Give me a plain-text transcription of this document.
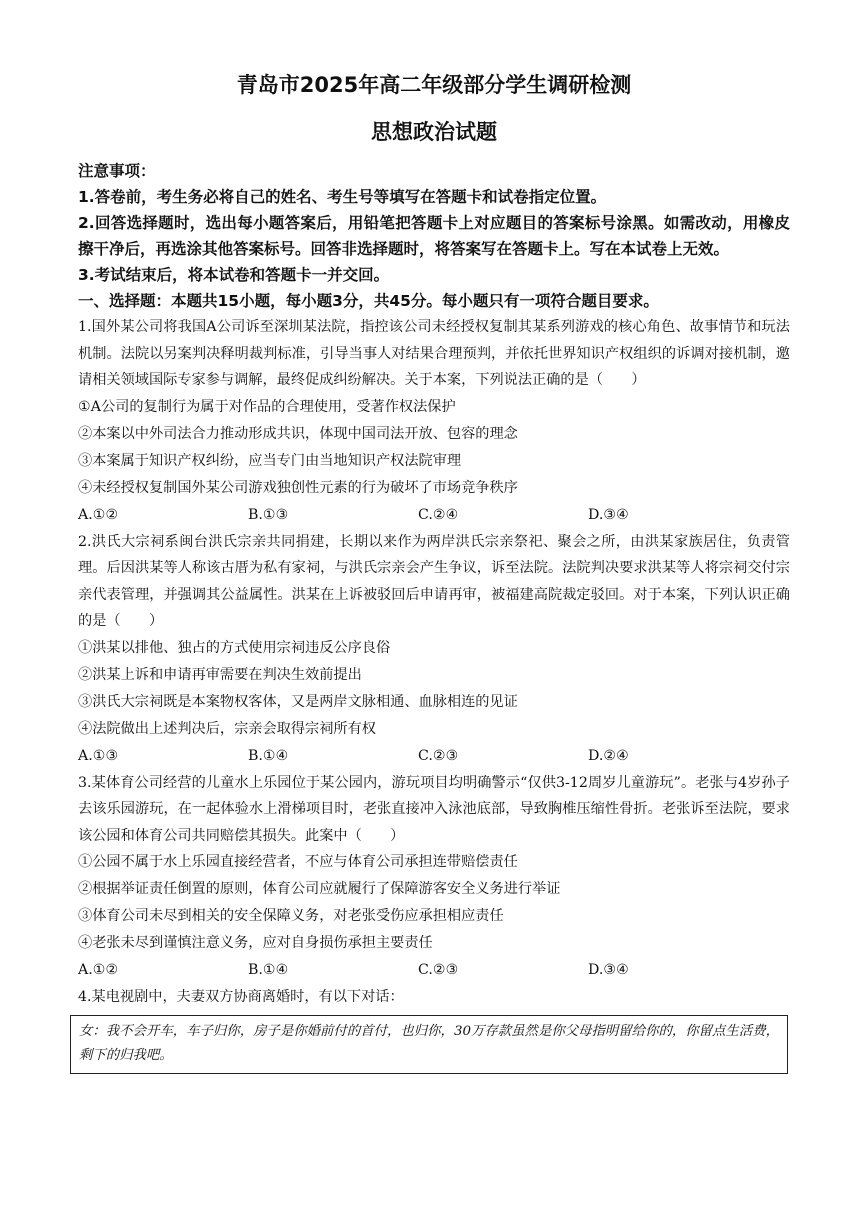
青岛市2025年高二年级部分学生调研检测
思想政治试题

注意事项：

1.答卷前，考生务必将自己的姓名、考生号等填写在答题卡和试卷指定位置。

2.回答选择题时，选出每小题答案后，用铅笔把答题卡上对应题目的答案标号涂黑。如需改动，用橡皮擦干净后，再选涂其他答案标号。回答非选择题时，将答案写在答题卡上。写在本试卷上无效。

3.考试结束后，将本试卷和答题卡一并交回。

一、选择题：本题共15小题，每小题3分，共45分。每小题只有一项符合题目要求。

1.国外某公司将我国A公司诉至深圳某法院，指控该公司未经授权复制其某系列游戏的核心角色、故事情节和玩法机制。法院以另案判决释明裁判标准，引导当事人对结果合理预判，并依托世界知识产权组织的诉调对接机制，邀请相关领域国际专家参与调解，最终促成纠纷解决。关于本案，下列说法正确的是（　　）

①A公司的复制行为属于对作品的合理使用，受著作权法保护

②本案以中外司法合力推动形成共识，体现中国司法开放、包容的理念

③本案属于知识产权纠纷，应当专门由当地知识产权法院审理

④未经授权复制国外某公司游戏独创性元素的行为破坏了市场竞争秩序

A.①②	B.①③	C.②④	D.③④

2.洪氏大宗祠系闽台洪氏宗亲共同捐建，长期以来作为两岸洪氏宗亲祭祀、聚会之所，由洪某家族居住，负责管理。后因洪某等人称该古厝为私有家祠，与洪氏宗亲会产生争议，诉至法院。法院判决要求洪某等人将宗祠交付宗亲代表管理，并强调其公益属性。洪某在上诉被驳回后申请再审，被福建高院裁定驳回。对于本案，下列认识正确的是（　　）

①洪某以排他、独占的方式使用宗祠违反公序良俗

②洪某上诉和申请再审需要在判决生效前提出

③洪氏大宗祠既是本案物权客体，又是两岸文脉相通、血脉相连的见证

④法院做出上述判决后，宗亲会取得宗祠所有权

A.①③	B.①④	C.②③	D.②④

3.某体育公司经营的儿童水上乐园位于某公园内，游玩项目均明确警示“仅供3-12周岁儿童游玩”。老张与4岁孙子去该乐园游玩，在一起体验水上滑梯项目时，老张直接冲入泳池底部，导致胸椎压缩性骨折。老张诉至法院，要求该公园和体育公司共同赔偿其损失。此案中（　　）

①公园不属于水上乐园直接经营者，不应与体育公司承担连带赔偿责任

②根据举证责任倒置的原则，体育公司应就履行了保障游客安全义务进行举证

③体育公司未尽到相关的安全保障义务，对老张受伤应承担相应责任

④老张未尽到谨慎注意义务，应对自身损伤承担主要责任

A.①②	B.①④	C.②③	D.③④

4.某电视剧中，夫妻双方协商离婚时，有以下对话：

女：我不会开车，车子归你，房子是你婚前付的首付，也归你，30万存款虽然是你父母指明留给你的，你留点生活费，剩下的归我吧。
